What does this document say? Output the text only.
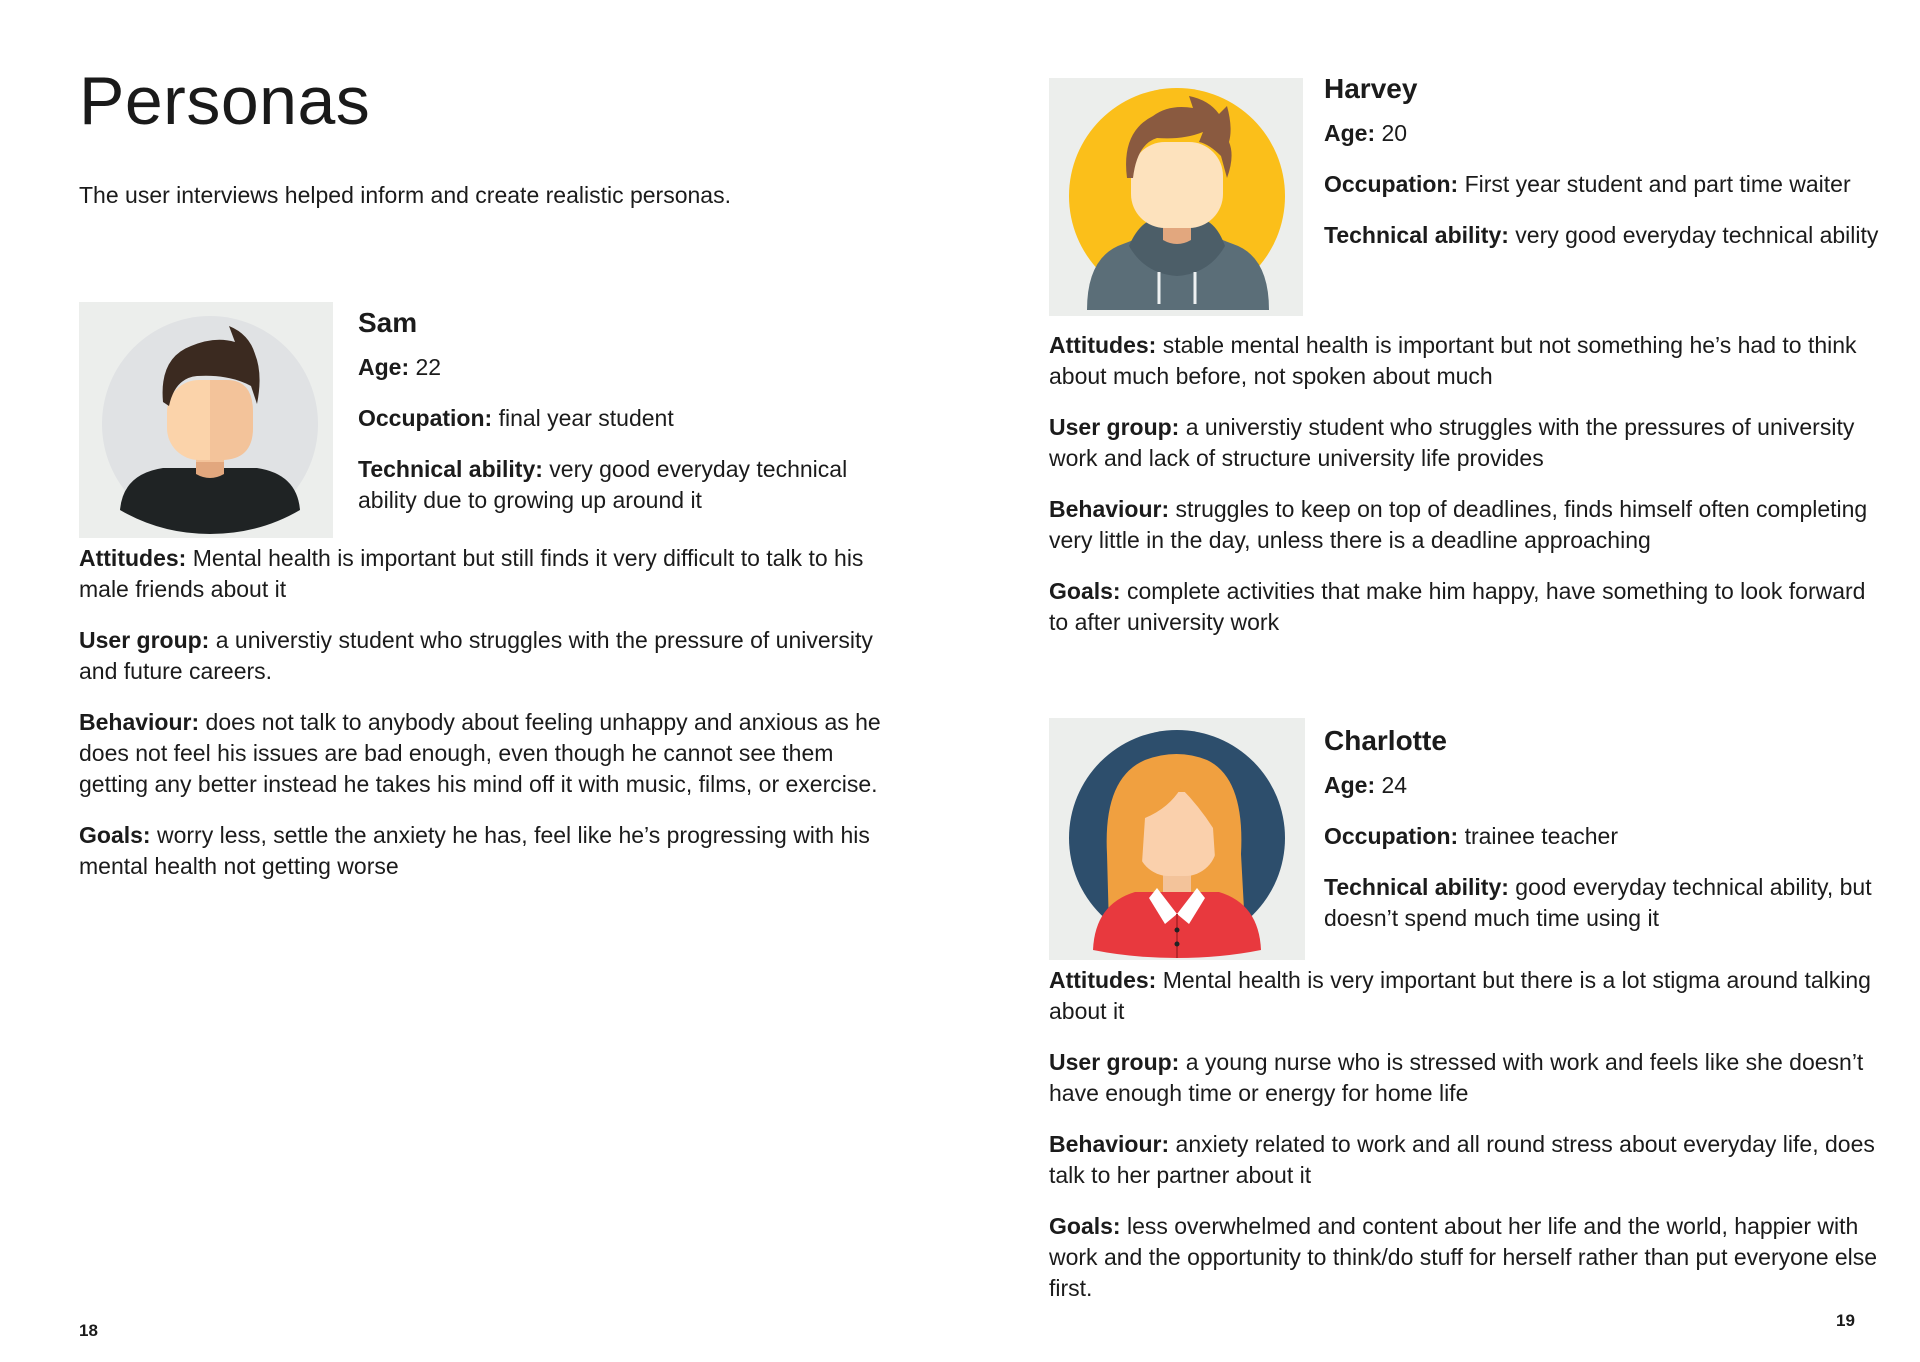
Personas

The user interviews helped inform and create realistic personas.

Sam

Age: 22

Occupation: final year student

Technical ability: very good everyday technical ability due to growing up around it

Attitudes: Mental health is important but still finds it very difficult to talk to his male friends about it

User group: a universtiy student who struggles with the pressure of university and future careers.

Behaviour: does not talk to anybody about feeling unhappy and anxious as he does not feel his issues are bad enough, even though he cannot see them getting any better instead he takes his mind off it with music, films, or exercise.

Goals: worry less, settle the anxiety he has, feel like he’s progressing with his mental health not getting worse

Harvey

Age: 20

Occupation: First year student and part time waiter

Technical ability: very good everyday technical ability

Attitudes: stable mental health is important but not something he’s had to think about much before, not spoken about much

User group: a universtiy student who struggles with the pressures of university work and lack of structure university life provides

Behaviour: struggles to keep on top of deadlines, finds himself often completing very little in the day, unless there is a deadline approaching

Goals: complete activities that make him happy, have something to look forward to after university work

Charlotte

Age: 24

Occupation: trainee teacher

Technical ability: good everyday technical ability, but doesn’t spend much time using it

Attitudes: Mental health is very important but there is a lot stigma around talking about it

User group: a young nurse who is stressed with work and feels like she doesn’t have enough time or energy for home life

Behaviour: anxiety related to work and all round stress about everyday life, does talk to her partner about it

Goals: less overwhelmed and content about her life and the world, happier with work and the opportunity to think/do stuff for herself rather than put everyone else first.

18
19
